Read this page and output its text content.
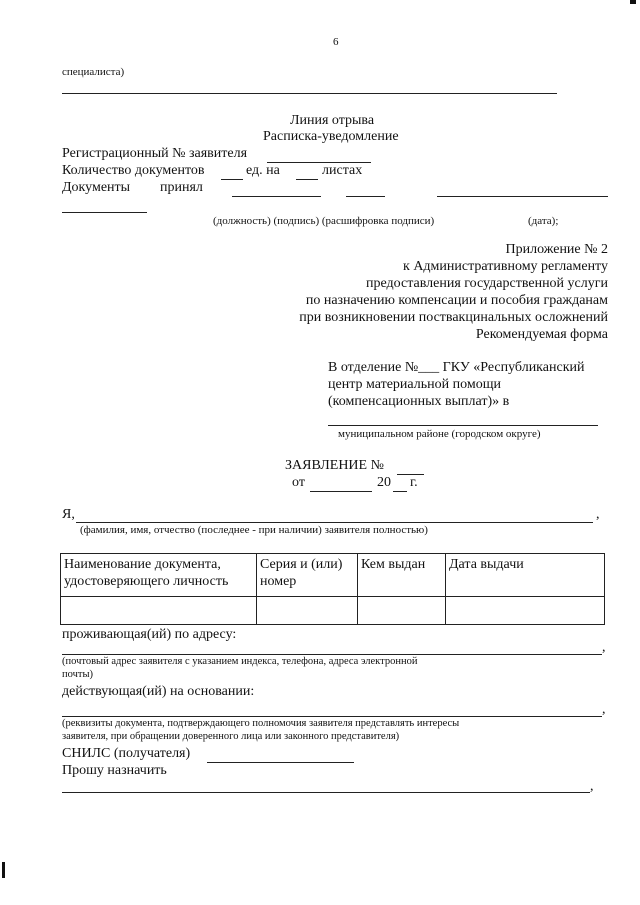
6
специалиста)
Линия отрыва
Расписка-уведомление
Регистрационный № заявителя
Количество документов	ед. на	листах
Документы принял
(должность) (подпись) (расшифровка подписи)	(дата);
Приложение № 2
к Административному регламенту
предоставления государственной услуги
по назначению компенсации и пособия гражданам
при возникновении поствакцинальных осложнений
Рекомендуемая форма
В отделение №___ ГКУ «Республиканский
центр материальной помощи
(компенсационных выплат)» в
муниципальном районе (городском округе)
ЗАЯВЛЕНИЕ №
от	20 г.
Я,	,
(фамилия, имя, отчество (последнее - при наличии) заявителя полностью)
Наименование документа, удостоверяющего личность	Серия и (или) номер	Кем выдан	Дата выдачи

проживающая(ий) по адресу:
,
(почтовый адрес заявителя с указанием индекса, телефона, адреса электронной
почты)
действующая(ий) на основании:
,
(реквизиты документа, подтверждающего полномочия заявителя представлять интересы
заявителя, при обращении доверенного лица или законного представителя)
СНИЛС (получателя)
Прошу назначить
,
